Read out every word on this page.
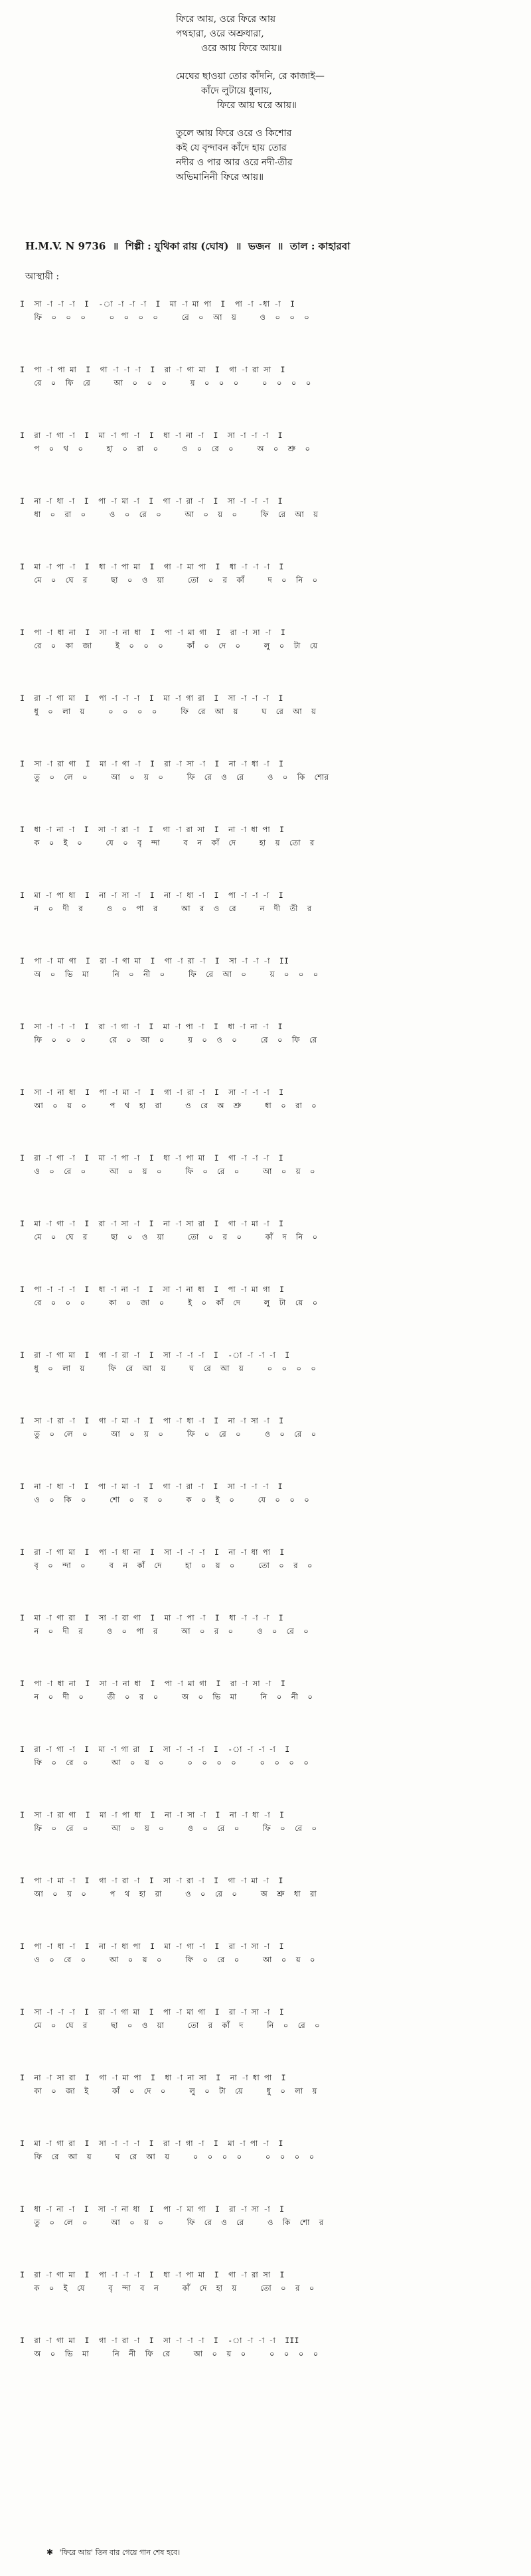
ফিরে আয়, ওরে ফিরে আয়
পথহারা, ওরে অশ্রুধারা,
ওরে আয় ফিরে আয়॥
মেঘের ছাওয়া তোর কাঁদনি, রে কাজাই—
কাঁদে লুটায়ে ধুলায়,
ফিরে আয় ঘরে আয়॥
তুলে আয় ফিরে ওরে ও কিশোর
কই যে বৃন্দাবন কাঁদে হায় তোর
নদীর ও পার আর ওরে নদী-তীর
অভিমানিনী ফিরে আয়॥
H.M.V. N 9736  ॥  শিল্পী : যুথিকা রায় (ঘোষ)  ॥  ভজন  ॥  তাল : কাহারবা
আস্থায়ী :
I  সা -া -া -া  I  -া -া -া -া  I  মা -া মা পা  I  পা -া -ধা -া  I
ফি  ০  ০  ০     ০  ০  ০  ০     রে  ০  আ  য়     ও  ০  ০  ০
I  পা -া পা মা  I  গা -া -া -া  I  রা -া গা মা  I  গা -া রা সা  I
রে  ০  ফি  রে     আ  ০  ০  ০     য়  ০  ০  ০     ০  ০  ০  ০
I  রা -া গা -া  I  মা -া পা -া  I  ধা -া না -া  I  সা -া -া -া  I
প  ০  থ  ০     হা  ০  রা  ০     ও  ০  রে  ০     অ  ০  শ্রু  ০
I  না -া ধা -া  I  পা -া মা -া  I  গা -া রা -া  I  সা -া -া -া  I
ধা  ০  রা  ০     ও  ০  রে  ০     আ  ০  য়  ০     ফি  রে  আ  য়
I  মা -া পা -া  I  ধা -া পা মা  I  গা -া মা পা  I  ধা -া -া -া  I
মে  ০  ঘে  র     ছা  ০  ও  য়া     তো  ০  র  কাঁ     দ  ০  নি  ০
I  পা -া ধা না  I  সা -া না ধা  I  পা -া মা গা  I  রা -া সা -া  I
রে  ০  কা  জা     ই  ০  ০  ০     কাঁ  ০  দে  ০     লু  ০  টা  য়ে
I  রা -া গা মা  I  পা -া -া -া  I  মা -া গা রা  I  সা -া -া -া  I
ধু  ০  লা  য়     ০  ০  ০  ০     ফি  রে  আ  য়     ঘ  রে  আ  য়
I  সা -া রা গা  I  মা -া গা -া  I  রা -া সা -া  I  না -া ধা -া  I
তু  ০  লে  ০     আ  ০  য়  ০     ফি  রে  ও  রে     ও  ০  কি  শোর
I  ধা -া না -া  I  সা -া রা -া  I  গা -া রা সা  I  না -া ধা পা  I
ক  ০  ই  ০     যে  ০  বৃ  ন্দা     ব  ন  কাঁ  দে     হা  য়  তো  র
I  মা -া পা ধা  I  না -া সা -া  I  না -া ধা -া  I  পা -া -া -া  I
ন  ০  দী  র     ও  ০  পা  র     আ  র  ও  রে     ন  দী  তী  র
I  পা -া মা গা  I  রা -া গা মা  I  গা -া রা -া  I  সা -া -া -া  II
অ  ০  ভি  মা     নি  ০  নী  ০     ফি  রে  আ  ০     য়  ০  ০  ০
I  সা -া -া -া  I  রা -া গা -া  I  মা -া পা -া  I  ধা -া না -া  I
ফি  ০  ০  ০     রে  ০  আ  ০     য়  ০  ও  ০     রে  ০  ফি  রে
I  সা -া না ধা  I  পা -া মা -া  I  গা -া রা -া  I  সা -া -া -া  I
আ  ০  য়  ০     প  থ  হা  রা     ও  রে  অ  শ্রু     ধা  ০  রা  ০
I  রা -া গা -া  I  মা -া পা -া  I  ধা -া পা মা  I  গা -া -া -া  I
ও  ০  রে  ০     আ  ০  য়  ০     ফি  ০  রে  ০     আ  ০  য়  ০
I  মা -া গা -া  I  রা -া সা -া  I  না -া সা রা  I  গা -া মা -া  I
মে  ০  ঘে  র     ছা  ০  ও  য়া     তো  ০  র  ০     কাঁ  দ  নি  ০
I  পা -া -া -া  I  ধা -া না -া  I  সা -া না ধা  I  পা -া মা গা  I
রে  ০  ০  ০     কা  ০  জা  ০     ই  ০  কাঁ  দে     লু  টা  য়ে  ০
I  রা -া গা মা  I  গা -া রা -া  I  সা -া -া -া  I  -া -া -া -া  I
ধু  ০  লা  য়     ফি  রে  আ  য়     ঘ  রে  আ  য়     ০  ০  ০  ০
I  সা -া রা -া  I  গা -া মা -া  I  পা -া ধা -া  I  না -া সা -া  I
তু  ০  লে  ০     আ  ০  য়  ০     ফি  ০  রে  ০     ও  ০  রে  ০
I  না -া ধা -া  I  পা -া মা -া  I  গা -া রা -া  I  সা -া -া -া  I
ও  ০  কি  ০     শো  ০  র  ০     ক  ০  ই  ০     যে  ০  ০  ০
I  রা -া গা মা  I  পা -া ধা না  I  সা -া -া -া  I  না -া ধা পা  I
বৃ  ০  ন্দা  ০     ব  ন  কাঁ  দে     হা  ০  য়  ০     তো  ০  র  ০
I  মা -া গা রা  I  সা -া রা গা  I  মা -া পা -া  I  ধা -া -া -া  I
ন  ০  দী  র     ও  ০  পা  র     আ  ০  র  ০     ও  ০  রে  ০
I  পা -া ধা না  I  সা -া না ধা  I  পা -া মা গা  I  রা -া সা -া  I
ন  ০  দী  ০     তী  ০  র  ০     অ  ০  ভি  মা     নি  ০  নী  ০
I  রা -া গা -া  I  মা -া গা রা  I  সা -া -া -া  I  -া -া -া -া  I
ফি  ০  রে  ০     আ  ০  য়  ০     ০  ০  ০  ০     ০  ০  ০  ০
I  সা -া রা গা  I  মা -া পা ধা  I  না -া সা -া  I  না -া ধা -া  I
ফি  ০  রে  ০     আ  ০  য়  ০     ও  ০  রে  ০     ফি  ০  রে  ০
I  পা -া মা -া  I  গা -া রা -া  I  সা -া রা -া  I  গা -া মা -া  I
আ  ০  য়  ০     প  থ  হা  রা     ও  ০  রে  ০     অ  শ্রু  ধা  রা
I  পা -া ধা -া  I  না -া ধা পা  I  মা -া গা -া  I  রা -া সা -া  I
ও  ০  রে  ০     আ  ০  য়  ০     ফি  ০  রে  ০     আ  ০  য়  ০
I  সা -া -া -া  I  রা -া গা মা  I  পা -া মা গা  I  রা -া সা -া  I
মে  ০  ঘে  র     ছা  ০  ও  য়া     তো  র  কাঁ  দ     নি  ০  রে  ০
I  না -া সা রা  I  গা -া মা পা  I  ধা -া না সা  I  না -া ধা পা  I
কা  ০  জা  ই     কাঁ  ০  দে  ০     লু  ০  টা  য়ে     ধু  ০  লা  য়
I  মা -া গা রা  I  সা -া -া -া  I  রা -া গা -া  I  মা -া পা -া  I
ফি  রে  আ  য়     ঘ  রে  আ  য়     ০  ০  ০  ০     ০  ০  ০  ০
I  ধা -া না -া  I  সা -া না ধা  I  পা -া মা গা  I  রা -া সা -া  I
তু  ০  লে  ০     আ  ০  য়  ০     ফি  রে  ও  রে     ও  কি  শো  র
I  রা -া গা মা  I  পা -া -া -া  I  ধা -া পা মা  I  গা -া রা সা  I
ক  ০  ই  যে     বৃ  ন্দা  ব  ন     কাঁ  দে  হা  য়     তো  ০  র  ০
I  রা -া গা মা  I  গা -া রা -া  I  সা -া -া -া  I  -া -া -া -া  III
অ  ০  ভি  মা     নি  নী  ফি  রে     আ  ০  য়  ০     ০  ০  ০  ০
✱ 'ফিরে আয়' তিন বার গেয়ে গান শেষ হবে।
